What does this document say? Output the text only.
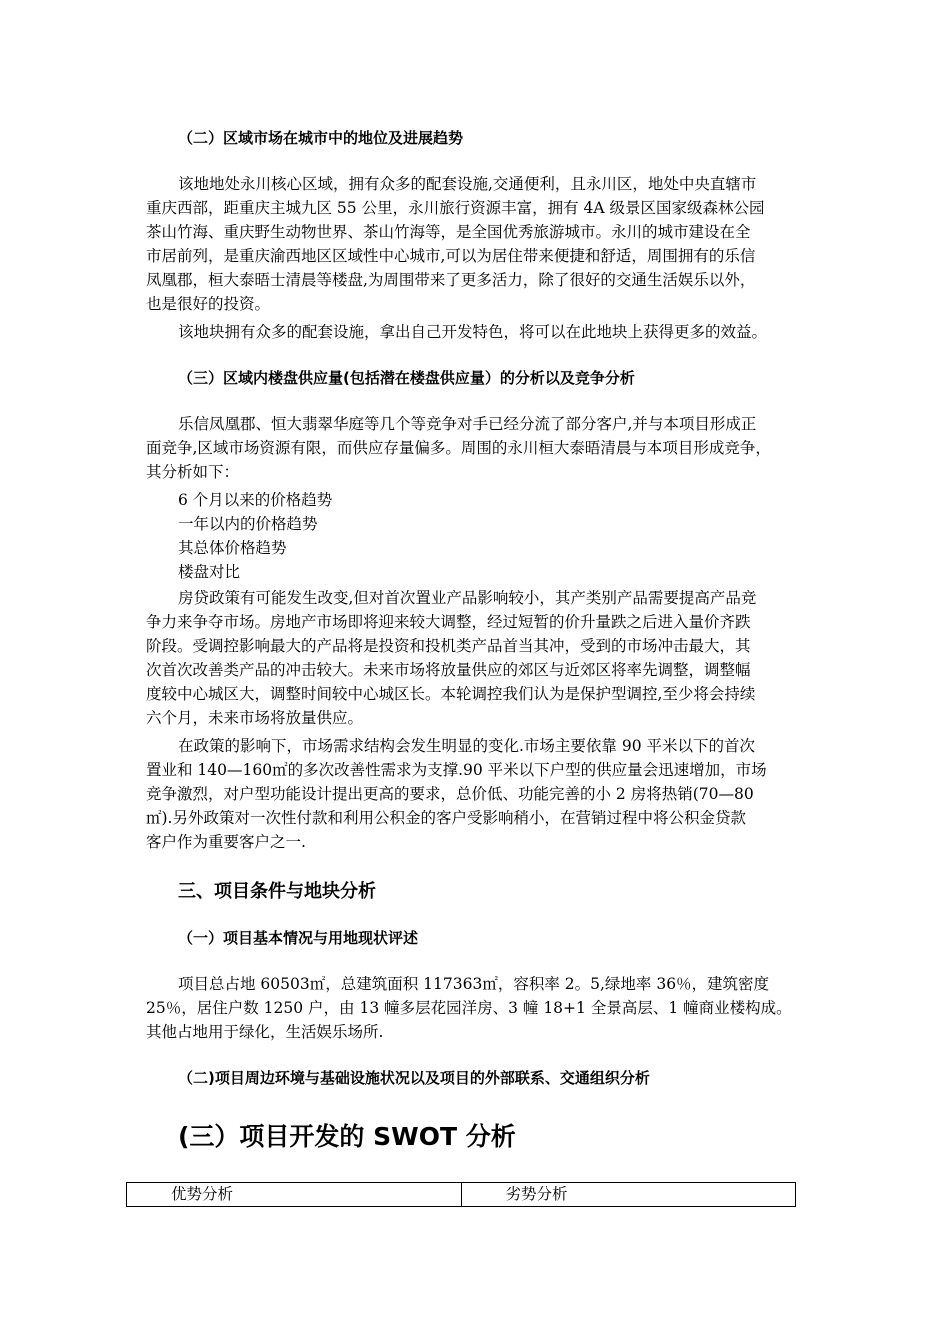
（二）区域市场在城市中的地位及进展趋势
该地地处永川核心区域，拥有众多的配套设施,交通便利，且永川区，地处中央直辖市
重庆西部，距重庆主城九区 55 公里，永川旅行资源丰富，拥有 4A 级景区国家级森林公园
茶山竹海、重庆野生动物世界、茶山竹海等，是全国优秀旅游城市。永川的城市建设在全
市居前列，是重庆渝西地区区域性中心城市,可以为居住带来便捷和舒适，周围拥有的乐信
凤凰郡，桓大泰晤士清晨等楼盘,为周围带来了更多活力，除了很好的交通生活娱乐以外，
也是很好的投资。
该地块拥有众多的配套设施，拿出自己开发特色，将可以在此地块上获得更多的效益。
（三）区域内楼盘供应量(包括潜在楼盘供应量）的分析以及竞争分析
乐信凤凰郡、恒大翡翠华庭等几个等竞争对手已经分流了部分客户,并与本项目形成正
面竞争,区域市场资源有限，而供应存量偏多。周围的永川桓大泰晤清晨与本项目形成竞争，
其分析如下：
6 个月以来的价格趋势
一年以内的价格趋势
其总体价格趋势
楼盘对比
房贷政策有可能发生改变,但对首次置业产品影响较小，其产类别产品需要提高产品竞
争力来争夺市场。房地产市场即将迎来较大调整，经过短暂的价升量跌之后进入量价齐跌
阶段。受调控影响最大的产品将是投资和投机类产品首当其冲，受到的市场冲击最大，其
次首次改善类产品的冲击较大。未来市场将放量供应的郊区与近郊区将率先调整，调整幅
度较中心城区大，调整时间较中心城区长。本轮调控我们认为是保护型调控,至少将会持续
六个月，未来市场将放量供应。
在政策的影响下，市场需求结构会发生明显的变化.市场主要依靠 90 平米以下的首次
置业和 140—160㎡的多次改善性需求为支撑.90 平米以下户型的供应量会迅速增加，市场
竞争激烈，对户型功能设计提出更高的要求，总价低、功能完善的小 2 房将热销(70—80
㎡).另外政策对一次性付款和利用公积金的客户受影响稍小，在营销过程中将公积金贷款
客户作为重要客户之一.
三、项目条件与地块分析
（一）项目基本情况与用地现状评述
项目总占地 60503㎡，总建筑面积 117363㎡，容积率 2。5,绿地率 36％，建筑密度
25％，居住户数 1250 户，由 13 幢多层花园洋房、3 幢 18+1 全景高层、1 幢商业楼构成。
其他占地用于绿化，生活娱乐场所.
（二)项目周边环境与基础设施状况以及项目的外部联系、交通组织分析
(三）项目开发的 SWOT 分析
优势分析	劣势分析
